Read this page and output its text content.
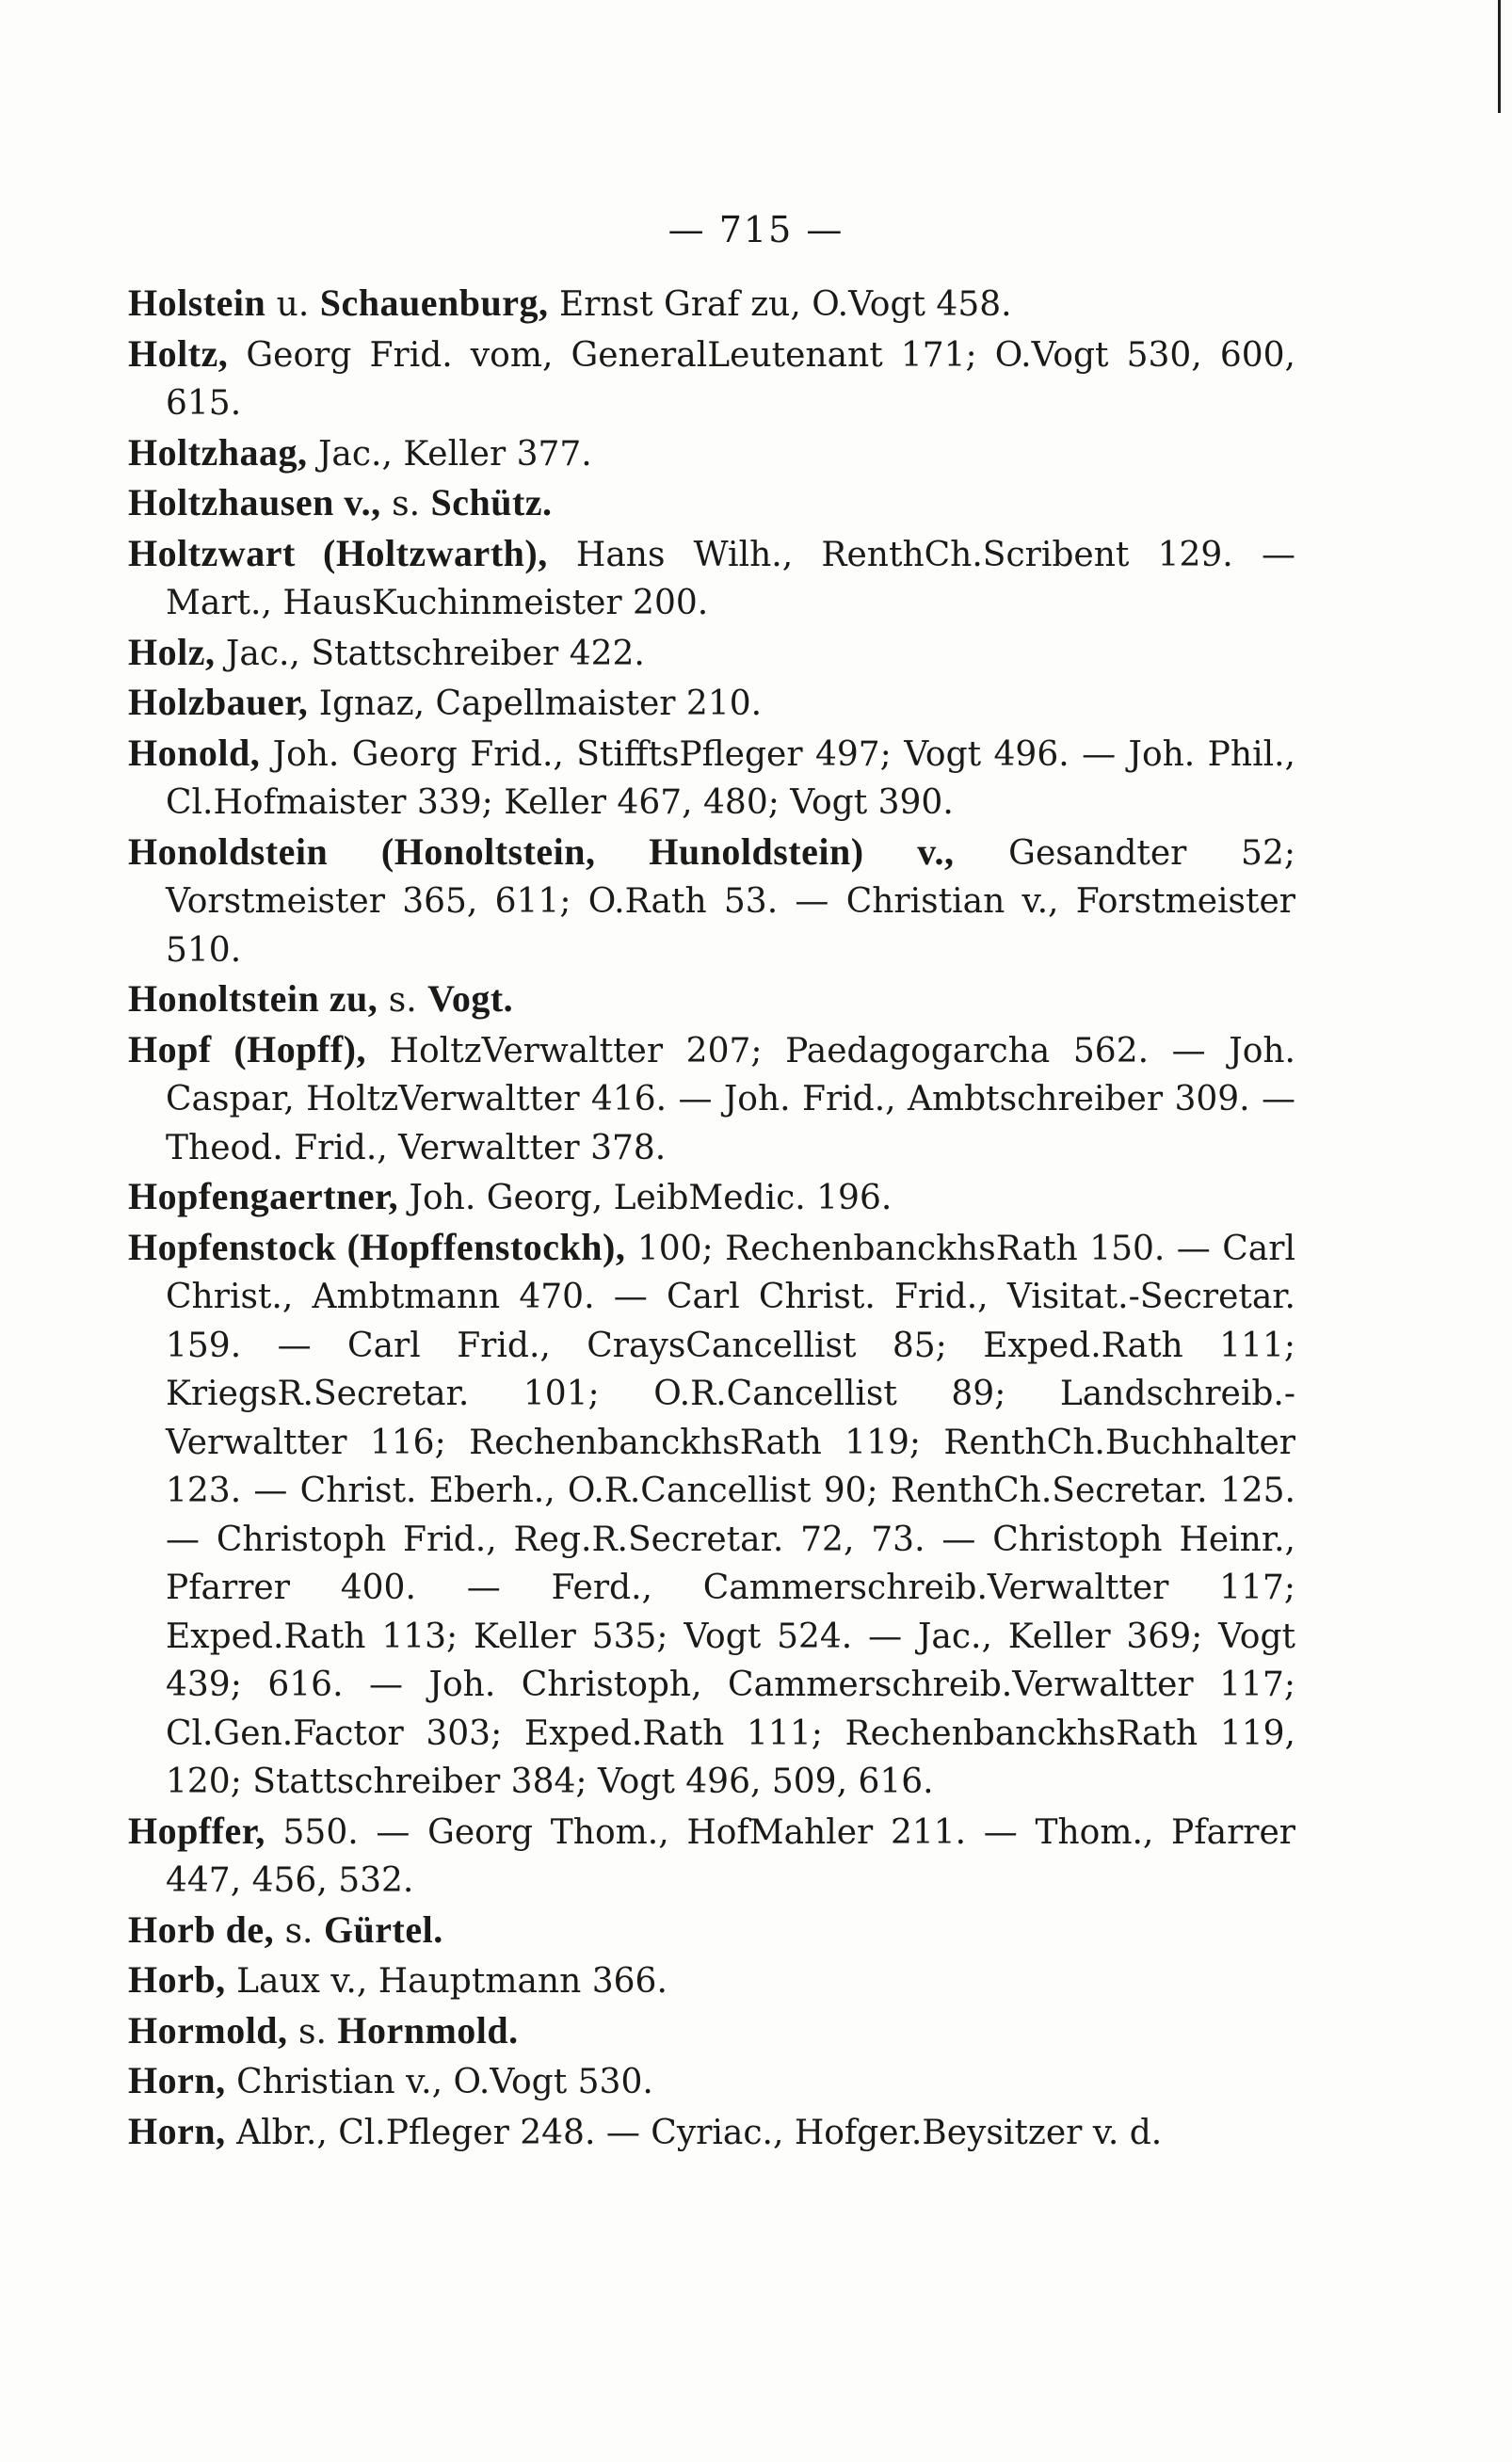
— 715 —
Holstein u. Schauenburg, Ernst Graf zu, O.Vogt 458.
Holtz, Georg Frid. vom, GeneralLeutenant 171; O.Vogt 530, 600, 615.
Holtzhaag, Jac., Keller 377.
Holtzhausen v., s. Schütz.
Holtzwart (Holtzwarth), Hans Wilh., RenthCh.Scribent 129. — Mart., HausKuchinmeister 200.
Holz, Jac., Stattschreiber 422.
Holzbauer, Ignaz, Capellmaister 210.
Honold, Joh. Georg Frid., StifftsPfleger 497; Vogt 496. — Joh. Phil., Cl.Hofmaister 339; Keller 467, 480; Vogt 390.
Honoldstein (Honoltstein, Hunoldstein) v., Gesandter 52; Vorstmeister 365, 611; O.Rath 53. — Christian v., Forstmeister 510.
Honoltstein zu, s. Vogt.
Hopf (Hopff), HoltzVerwaltter 207; Paedagogarcha 562. — Joh. Caspar, HoltzVerwaltter 416. — Joh. Frid., Ambtschreiber 309. — Theod. Frid., Verwaltter 378.
Hopfengaertner, Joh. Georg, LeibMedic. 196.
Hopfenstock (Hopffenstockh), 100; RechenbanckhsRath 150. — Carl Christ., Ambtmann 470. — Carl Christ. Frid., Visitat.-Secretar. 159. — Carl Frid., CraysCancellist 85; Exped.Rath 111; KriegsR.Secretar. 101; O.R.Cancellist 89; Landschreib.-Verwaltter 116; RechenbanckhsRath 119; RenthCh.Buchhalter 123. — Christ. Eberh., O.R.Cancellist 90; RenthCh.Secretar. 125. — Christoph Frid., Reg.R.Secretar. 72, 73. — Christoph Heinr., Pfarrer 400. — Ferd., Cammerschreib.Verwaltter 117; Exped.Rath 113; Keller 535; Vogt 524. — Jac., Keller 369; Vogt 439; 616. — Joh. Christoph, Cammerschreib.Verwaltter 117; Cl.Gen.Factor 303; Exped.Rath 111; RechenbanckhsRath 119, 120; Stattschreiber 384; Vogt 496, 509, 616.
Hopffer, 550. — Georg Thom., HofMahler 211. — Thom., Pfarrer 447, 456, 532.
Horb de, s. Gürtel.
Horb, Laux v., Hauptmann 366.
Hormold, s. Hornmold.
Horn, Christian v., O.Vogt 530.
Horn, Albr., Cl.Pfleger 248. — Cyriac., Hofger.Beysitzer v. d.
